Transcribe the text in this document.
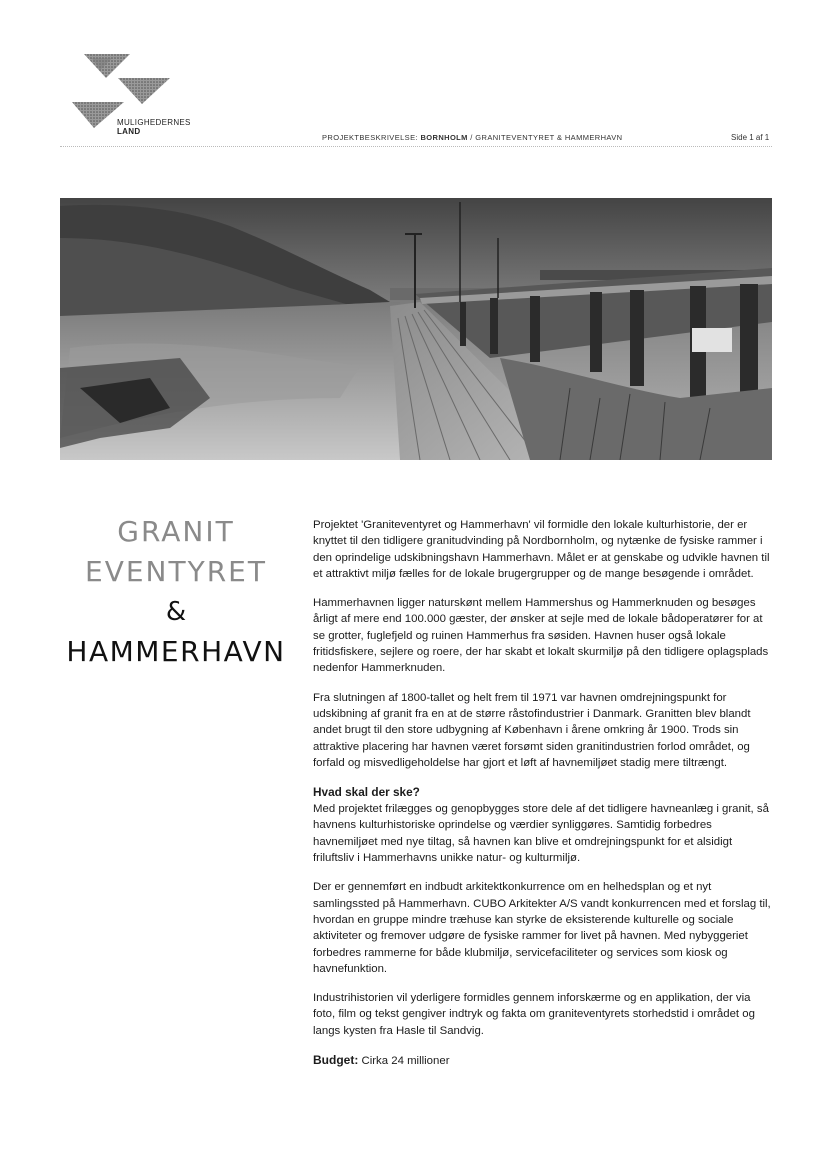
MULIGHEDERNES
LAND
PROJEKTBESKRIVELSE: BORNHOLM / GRANITEVENTYRET & HAMMERHAVN	Side 1 af 1
GRANIT
EVENTYRET
&
HAMMERHAVN

Projektet 'Graniteventyret og Hammerhavn' vil formidle den lokale kulturhistorie, der er knyttet til den tidligere granitudvinding på Nordbornholm, og nytænke de fysiske rammer i den oprindelige udskibningshavn Hammerhavn. Målet er at genskabe og udvikle havnen til et attraktivt miljø fælles for de lokale brugergrupper og de mange besøgende i området.

Hammerhavnen ligger naturskønt mellem Hammershus og Hammerknuden og besøges årligt af mere end 100.000 gæster, der ønsker at sejle med de lokale bådoperatører for at se grotter, fuglefjeld og ruinen Hammerhus fra søsiden. Havnen huser også lokale fritidsfiskere, sejlere og roere, der har skabt et lokalt skurmiljø på den tidligere oplagsplads nedenfor Hammerknuden.

Fra slutningen af 1800-tallet og helt frem til 1971 var havnen omdrejningspunkt for udskibning af granit fra en at de større råstofindustrier i Danmark. Granitten blev blandt andet brugt til den store udbygning af København i årene omkring år 1900. Trods sin attraktive placering har havnen været forsømt siden granitindustrien forlod området, og forfald og misvedligeholdelse har gjort et løft af havnemiljøet stadig mere tiltrængt.

Hvad skal der ske?

Med projektet frilægges og genopbygges store dele af det tidligere havneanlæg i granit, så havnens kulturhistoriske oprindelse og værdier synliggøres. Samtidig forbedres havnemiljøet med nye tiltag, så havnen kan blive et omdrejningspunkt for et alsidigt friluftsliv i Hammerhavns unikke natur- og kulturmiljø.

Der er gennemført en indbudt arkitektkonkurrence om en helhedsplan og et nyt samlingssted på Hammerhavn. CUBO Arkitekter A/S vandt konkurrencen med et forslag til, hvordan en gruppe mindre træhuse kan styrke de eksisterende kulturelle og sociale aktiviteter og fremover udgøre de fysiske rammer for livet på havnen. Med nybyggeriet forbedres rammerne for både klubmiljø, servicefaciliteter og services som kiosk og havnefunktion.

Industrihistorien vil yderligere formidles gennem inforskærme og en applikation, der via foto, film og tekst gengiver indtryk og fakta om graniteventyrets storhedstid i området og langs kysten fra Hasle til Sandvig.

Budget: Cirka 24 millioner
